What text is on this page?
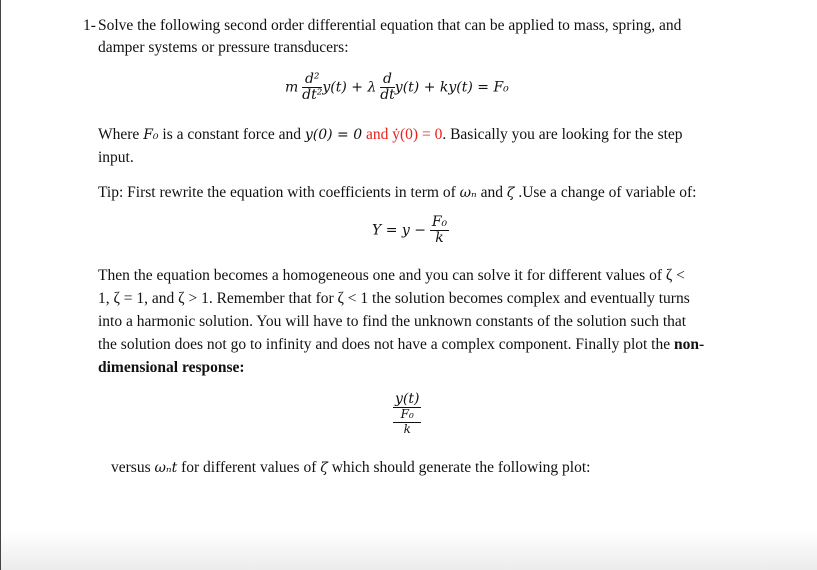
1- Solve the following second order differential equation that can be applied to mass, spring, and
damper systems or pressure transducers:
m $\frac{\text{d²}}{\text{dt²}} y(t) + \lambda \frac{d}{dt} y(t) + ky(t) = F_0$
Where F₀ is a constant force and y(0) = 0 and ẏ(0) = 0. Basically you are looking for the step
input.
Tip: First rewrite the equation with coefficients in term of ωₙ and ζ .Use a change of variable of:
$Y = y - \frac{\text{F₀}}{k}$
Then the equation becomes a homogeneous one and you can solve it for different values of ζ <
1, ζ = 1, and ζ > 1. Remember that for ζ < 1 the solution becomes complex and eventually turns
into a harmonic solution. You will have to find the unknown constants of the solution such that
the solution does not go to infinity and does not have a complex component. Finally plot the non-
dimensional response:
y(t)
F₀
k
versus ωₙt for different values of ζ which should generate the following plot:
